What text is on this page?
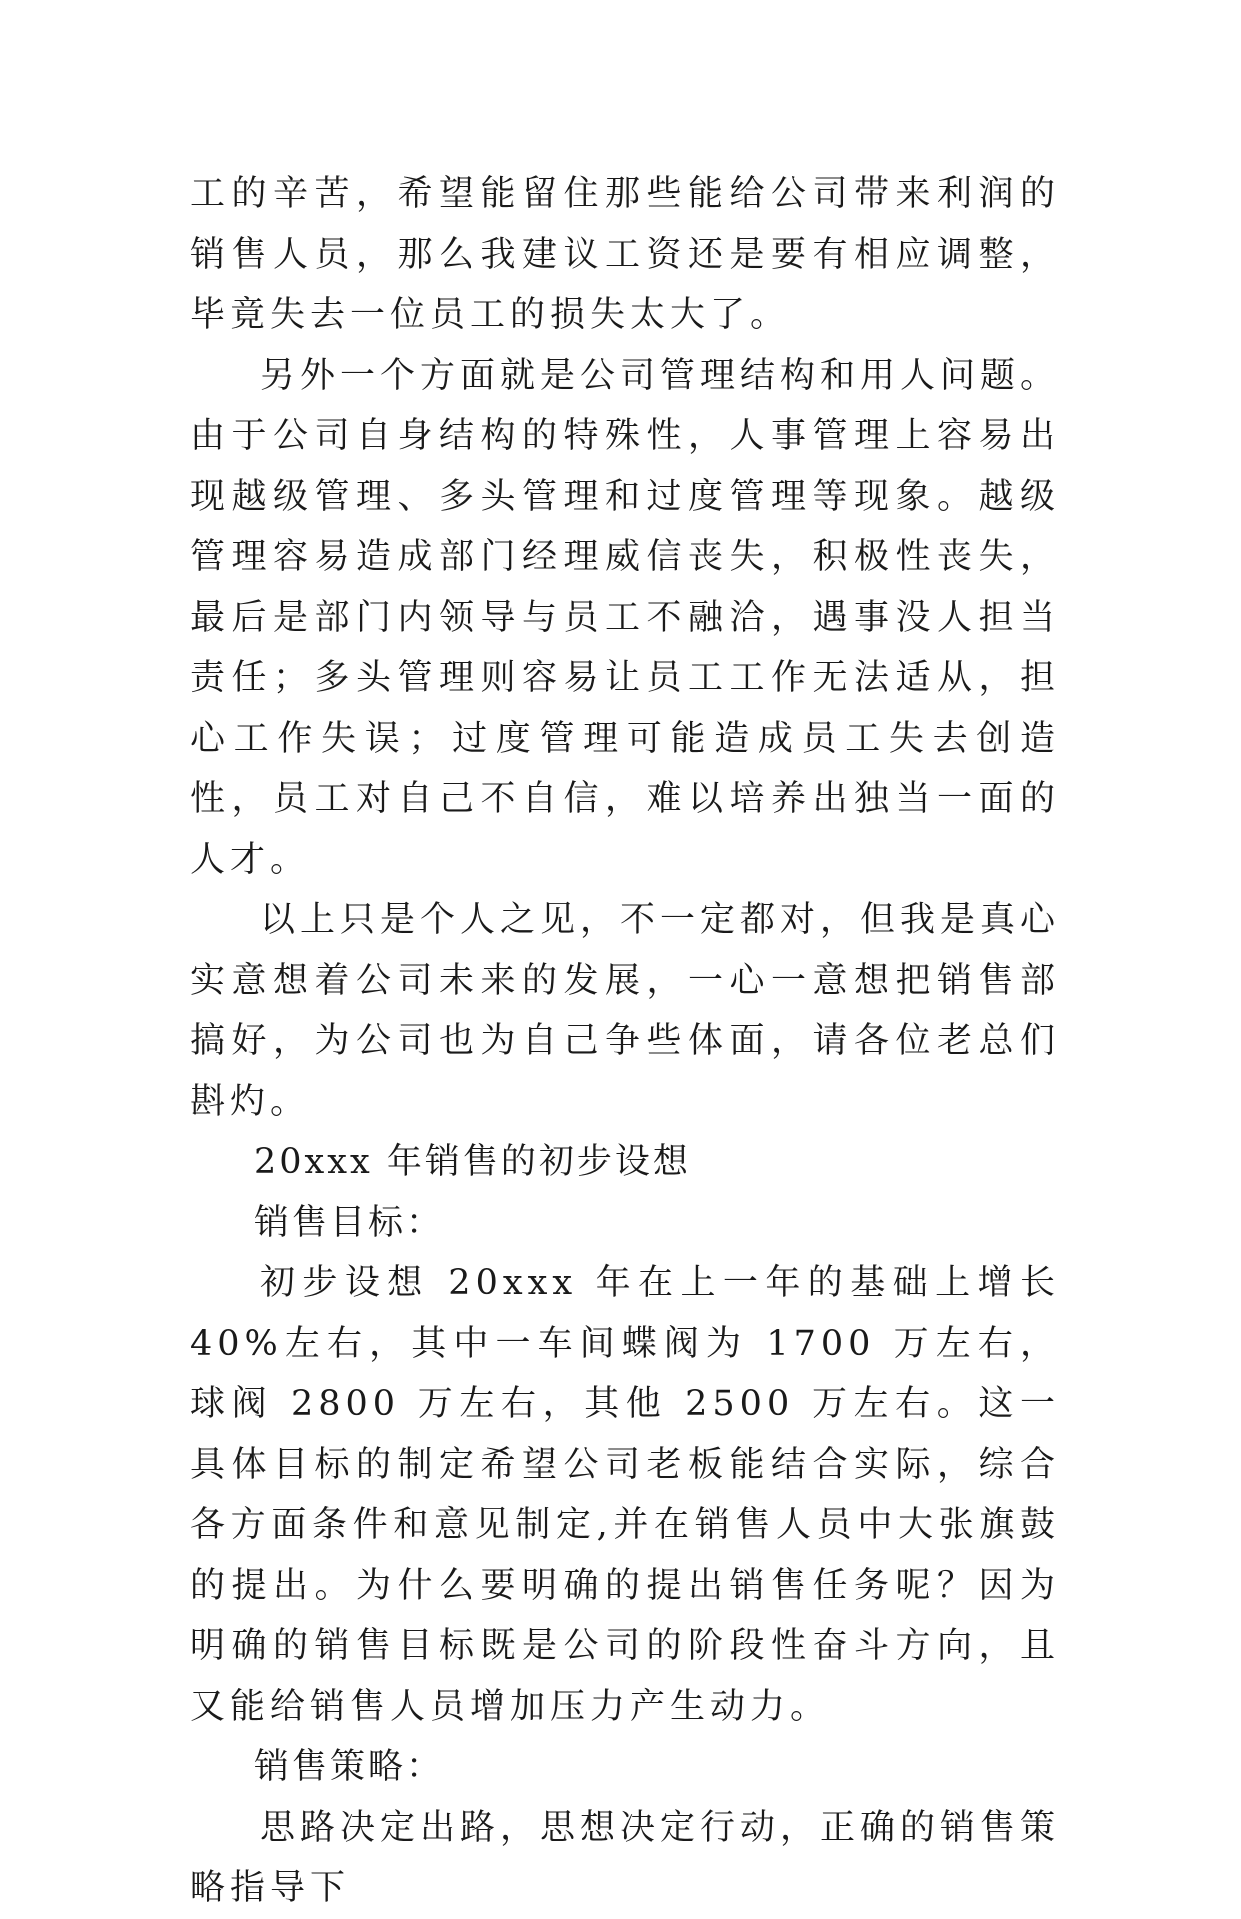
工的辛苦，希望能留住那些能给公司带来利润的销售人员，那么我建议工资还是要有相应调整，毕竟失去一位员工的损失太大了。

另外一个方面就是公司管理结构和用人问题。由于公司自身结构的特殊性，人事管理上容易出现越级管理、多头管理和过度管理等现象。越级管理容易造成部门经理威信丧失，积极性丧失，最后是部门内领导与员工不融洽，遇事没人担当责任；多头管理则容易让员工工作无法适从，担心工作失误；过度管理可能造成员工失去创造性，员工对自己不自信，难以培养出独当一面的人才。

以上只是个人之见，不一定都对，但我是真心实意想着公司未来的发展，一心一意想把销售部搞好，为公司也为自己争些体面，请各位老总们斟灼。

20xxx 年销售的初步设想

销售目标：

初步设想 20xxx 年在上一年的基础上增长 40%左右，其中一车间蝶阀为 1700 万左右，球阀 2800 万左右，其他 2500 万左右。这一具体目标的制定希望公司老板能结合实际，综合各方面条件和意见制定,并在销售人员中大张旗鼓的提出。为什么要明确的提出销售任务呢？因为明确的销售目标既是公司的阶段性奋斗方向，且又能给销售人员增加压力产生动力。

销售策略：

思路决定出路，思想决定行动，正确的销售策略指导下
